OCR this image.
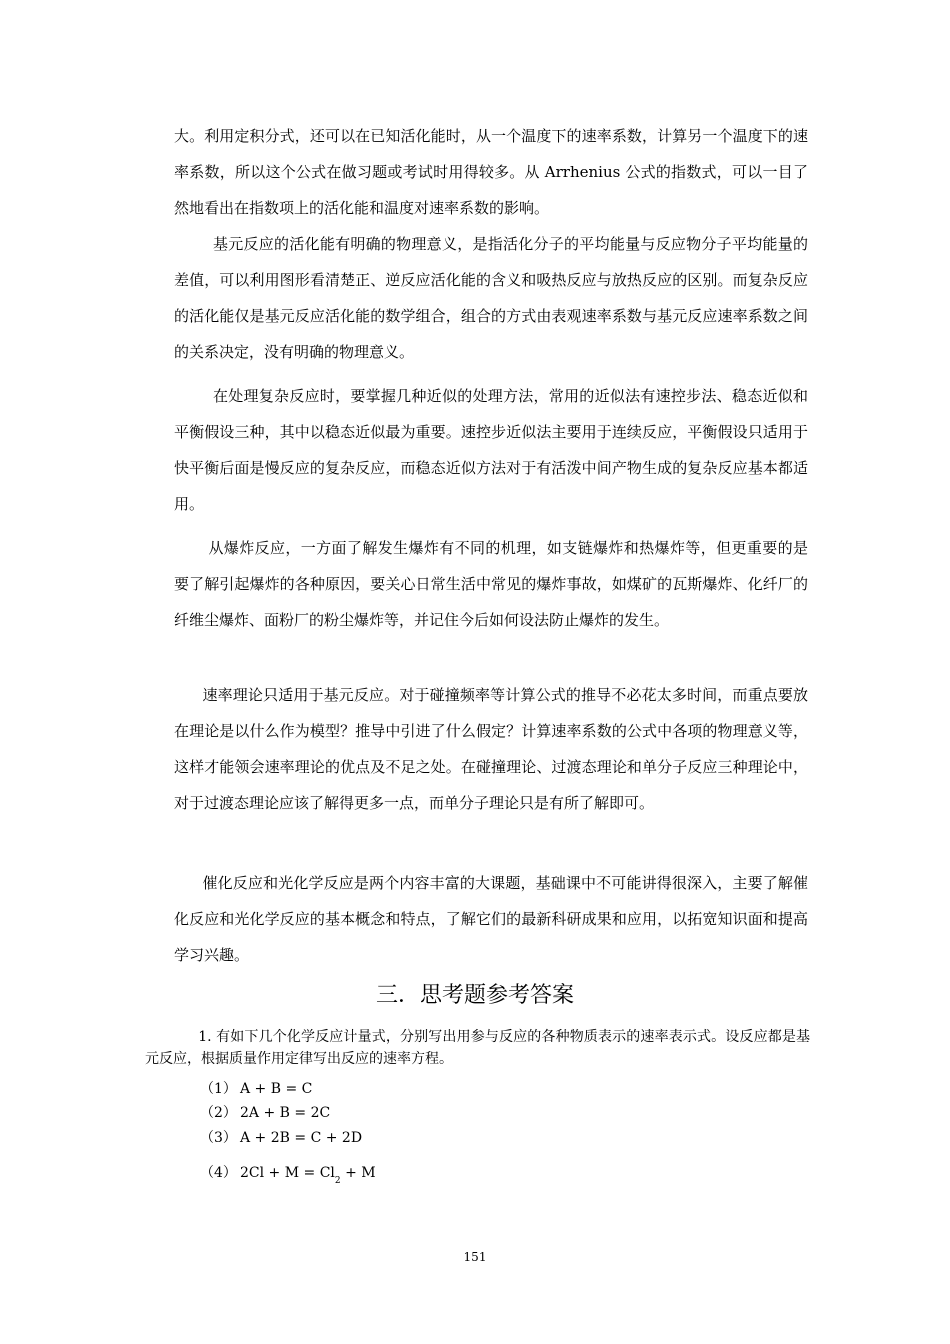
大。利用定积分式，还可以在已知活化能时，从一个温度下的速率系数，计算另一个温度下的速率系数，所以这个公式在做习题或考试时用得较多。从 Arrhenius 公式的指数式，可以一目了然地看出在指数项上的活化能和温度对速率系数的影响。

基元反应的活化能有明确的物理意义，是指活化分子的平均能量与反应物分子平均能量的差值，可以利用图形看清楚正、逆反应活化能的含义和吸热反应与放热反应的区别。而复杂反应的活化能仅是基元反应活化能的数学组合，组合的方式由表观速率系数与基元反应速率系数之间的关系决定，没有明确的物理意义。

在处理复杂反应时，要掌握几种近似的处理方法，常用的近似法有速控步法、稳态近似和平衡假设三种，其中以稳态近似最为重要。速控步近似法主要用于连续反应，平衡假设只适用于快平衡后面是慢反应的复杂反应，而稳态近似方法对于有活泼中间产物生成的复杂反应基本都适用。

从爆炸反应，一方面了解发生爆炸有不同的机理，如支链爆炸和热爆炸等，但更重要的是要了解引起爆炸的各种原因，要关心日常生活中常见的爆炸事故，如煤矿的瓦斯爆炸、化纤厂的纤维尘爆炸、面粉厂的粉尘爆炸等，并记住今后如何设法防止爆炸的发生。

速率理论只适用于基元反应。对于碰撞频率等计算公式的推导不必花太多时间，而重点要放在理论是以什么作为模型？推导中引进了什么假定？计算速率系数的公式中各项的物理意义等，这样才能领会速率理论的优点及不足之处。在碰撞理论、过渡态理论和单分子反应三种理论中，对于过渡态理论应该了解得更多一点，而单分子理论只是有所了解即可。

催化反应和光化学反应是两个内容丰富的大课题，基础课中不可能讲得很深入，主要了解催化反应和光化学反应的基本概念和特点，了解它们的最新科研成果和应用，以拓宽知识面和提高学习兴趣。

三．思考题参考答案

1. 有如下几个化学反应计量式，分别写出用参与反应的各种物质表示的速率表示式。设反应都是基元反应，根据质量作用定律写出反应的速率方程。

（1） A + B = C
（2） 2A + B = 2C
（3） A + 2B = C + 2D
（4） $2Cl + M = Cl_2 + M$
151
